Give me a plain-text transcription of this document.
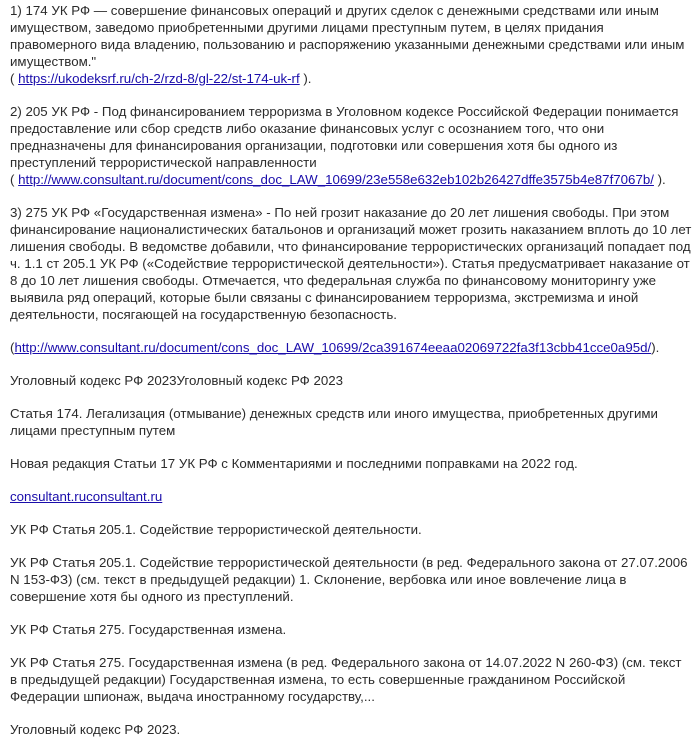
1) 174 УК РФ — совершение финансовых операций и других сделок с денежными средствами или иным имуществом, заведомо приобретенными другими лицами преступным путем, в целях придания правомерного вида владению, пользованию и распоряжению указанными денежными средствами или иным имуществом."
( https://ukodeksrf.ru/ch-2/rzd-8/gl-22/st-174-uk-rf ).

2) 205 УК РФ - Под финансированием терроризма в Уголовном кодексе Российской Федерации понимается предоставление или сбор средств либо оказание финансовых услуг с осознанием того, что они предназначены для финансирования организации, подготовки или совершения хотя бы одного из преступлений террористической направленности
( http://www.consultant.ru/document/cons_doc_LAW_10699/23e558e632eb102b26427dffe3575b4e87f7067b/ ).

3) 275 УК РФ «Государственная измена» - По ней грозит наказание до 20 лет лишения свободы. При этом финансирование националистических батальонов и организаций может грозить наказанием вплоть до 10 лет лишения свободы. В ведомстве добавили, что финансирование террористических организаций попадает под ч. 1.1 ст 205.1 УК РФ («Содействие террористической деятельности»). Статья предусматривает наказание от 8 до 10 лет лишения свободы. Отмечается, что федеральная служба по финансовому мониторингу уже выявила ряд операций, которые были связаны с финансированием терроризма, экстремизма и иной деятельности, посягающей на государственную безопасность.

(http://www.consultant.ru/document/cons_doc_LAW_10699/2ca391674eeaa02069722fa3f13cbb41cce0a95d/).

Уголовный кодекс РФ 2023Уголовный кодекс РФ 2023

Статья 174. Легализация (отмывание) денежных средств или иного имущества, приобретенных другими лицами преступным путем

Новая редакция Статьи 17 УК РФ с Комментариями и последними поправками на 2022 год.

consultant.ruconsultant.ru

УК РФ Статья 205.1. Содействие террористической деятельности.

УК РФ Статья 205.1. Содействие террористической деятельности (в ред. Федерального закона от 27.07.2006 N 153-ФЗ) (см. текст в предыдущей редакции) 1. Склонение, вербовка или иное вовлечение лица в совершение хотя бы одного из преступлений.

УК РФ Статья 275. Государственная измена.

УК РФ Статья 275. Государственная измена (в ред. Федерального закона от 14.07.2022 N 260-ФЗ) (см. текст в предыдущей редакции) Государственная измена, то есть совершенные гражданином Российской Федерации шпионаж, выдача иностранному государству,...

Уголовный кодекс РФ 2023.
